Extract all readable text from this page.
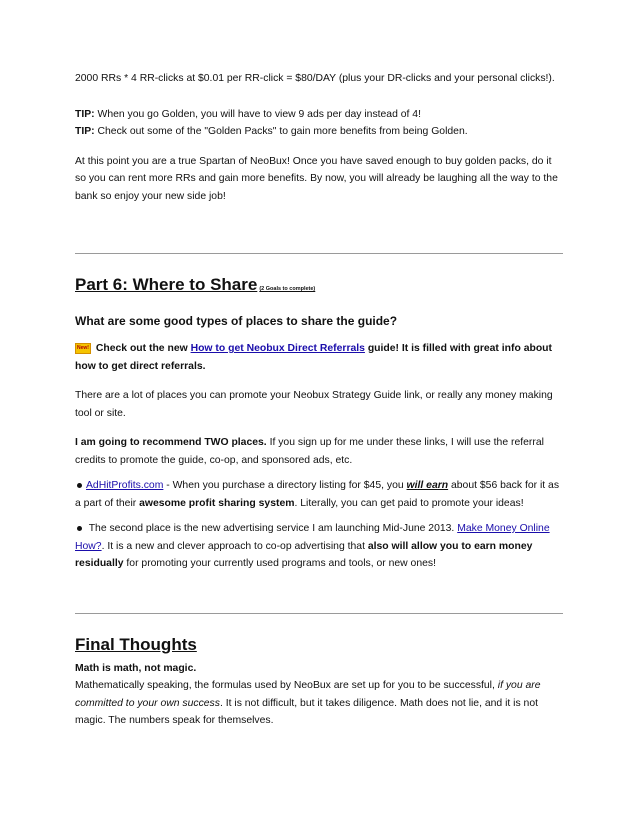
2000 RRs * 4 RR-clicks at $0.01 per RR-click = $80/DAY (plus your DR-clicks and your personal clicks!).

TIP: When you go Golden, you will have to view 9 ads per day instead of 4!

TIP: Check out some of the "Golden Packs" to gain more benefits from being Golden.

At this point you are a true Spartan of NeoBux! Once you have saved enough to buy golden packs, do it so you can rent more RRs and gain more benefits. By now, you will already be laughing all the way to the bank so enjoy your new side job!

Part 6: Where to Share (2 Goals to complete)

What are some good types of places to share the guide?

New! Check out the new How to get Neobux Direct Referrals guide! It is filled with great info about how to get direct referrals.

There are a lot of places you can promote your Neobux Strategy Guide link, or really any money making tool or site.

I am going to recommend TWO places. If you sign up for me under these links, I will use the referral credits to promote the guide, co-op, and sponsored ads, etc.

AdHitProfits.com - When you purchase a directory listing for $45, you will earn about $56 back for it as a part of their awesome profit sharing system. Literally, you can get paid to promote your ideas!

The second place is the new advertising service I am launching Mid-June 2013. Make Money Online How?. It is a new and clever approach to co-op advertising that also will allow you to earn money residually for promoting your currently used programs and tools, or new ones!

Final Thoughts

Math is math, not magic.

Mathematically speaking, the formulas used by NeoBux are set up for you to be successful, if you are committed to your own success. It is not difficult, but it takes diligence. Math does not lie, and it is not magic. The numbers speak for themselves.
